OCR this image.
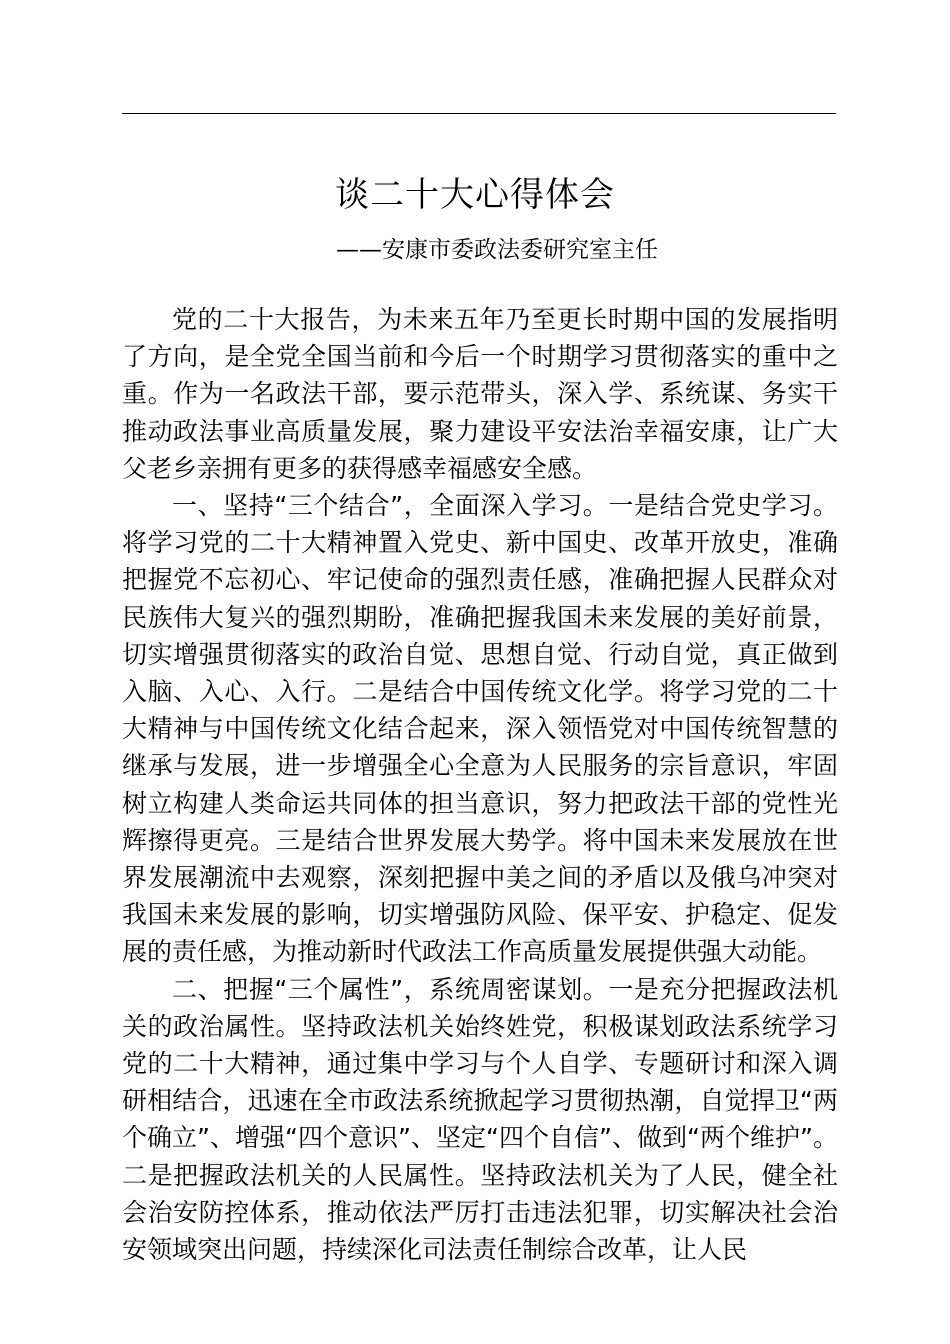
谈二十大心得体会
——安康市委政法委研究室主任

党的二十大报告，为未来五年乃至更长时期中国的发展指明了方向，是全党全国当前和今后一个时期学习贯彻落实的重中之重。作为一名政法干部，要示范带头，深入学、系统谋、务实干推动政法事业高质量发展，聚力建设平安法治幸福安康，让广大父老乡亲拥有更多的获得感幸福感安全感。

一、坚持“三个结合”，全面深入学习。一是结合党史学习。将学习党的二十大精神置入党史、新中国史、改革开放史，准确把握党不忘初心、牢记使命的强烈责任感，准确把握人民群众对民族伟大复兴的强烈期盼，准确把握我国未来发展的美好前景，切实增强贯彻落实的政治自觉、思想自觉、行动自觉，真正做到入脑、入心、入行。二是结合中国传统文化学。将学习党的二十大精神与中国传统文化结合起来，深入领悟党对中国传统智慧的继承与发展，进一步增强全心全意为人民服务的宗旨意识，牢固树立构建人类命运共同体的担当意识，努力把政法干部的党性光辉擦得更亮。三是结合世界发展大势学。将中国未来发展放在世界发展潮流中去观察，深刻把握中美之间的矛盾以及俄乌冲突对我国未来发展的影响，切实增强防风险、保平安、护稳定、促发展的责任感，为推动新时代政法工作高质量发展提供强大动能。

二、把握“三个属性”，系统周密谋划。一是充分把握政法机关的政治属性。坚持政法机关始终姓党，积极谋划政法系统学习党的二十大精神，通过集中学习与个人自学、专题研讨和深入调研相结合，迅速在全市政法系统掀起学习贯彻热潮，自觉捍卫“两个确立”、增强“四个意识”、坚定“四个自信”、做到“两个维护”。二是把握政法机关的人民属性。坚持政法机关为了人民，健全社会治安防控体系，推动依法严厉打击违法犯罪，切实解决社会治安领域突出问题，持续深化司法责任制综合改革，让人民
